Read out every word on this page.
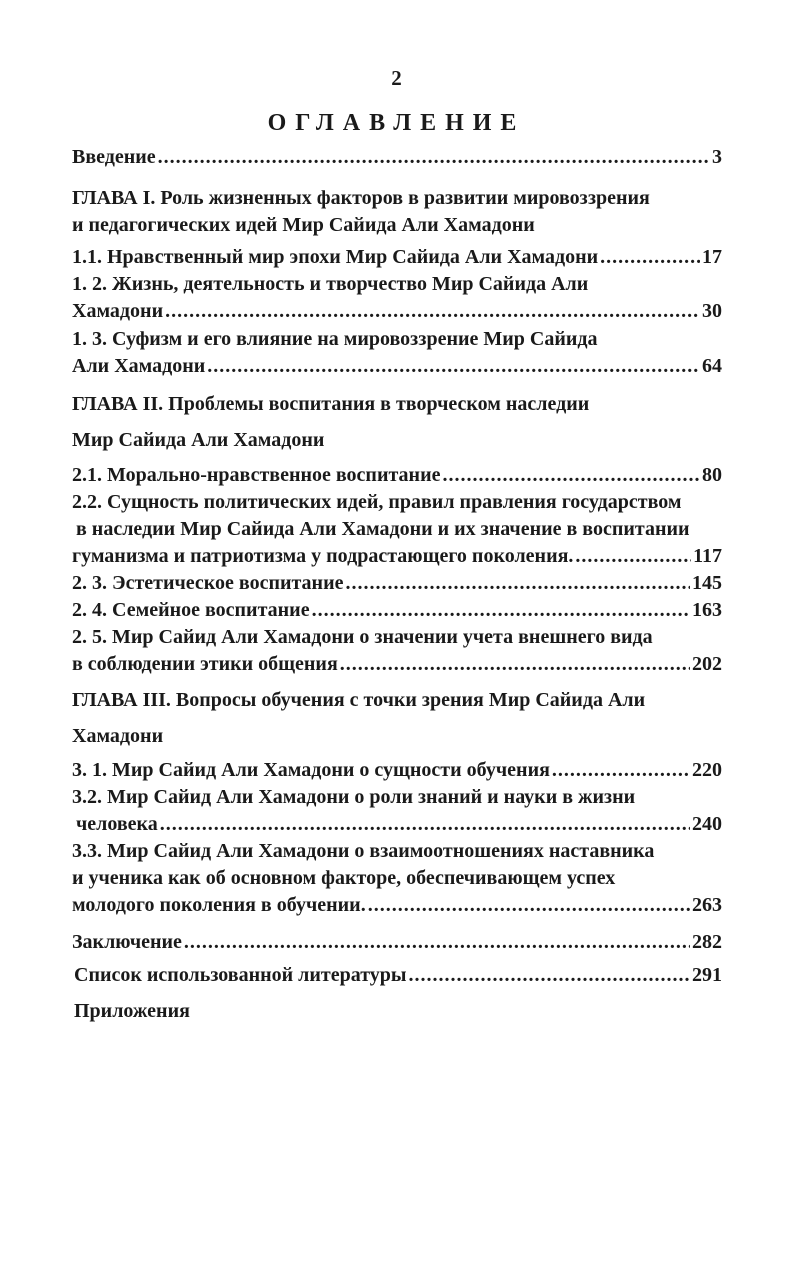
2
ОГЛАВЛЕНИЕ
Введение .....	3
ГЛАВА I. Роль жизненных факторов в развитии мировоззрения
и педагогических идей Мир Сайида Али Хамадони
1.1. Нравственный мир эпохи Мир Сайида Али Хамадони .....	17
1. 2. Жизнь, деятельность и творчество Мир Сайида Али
Хамадони .....	30
1. 3. Суфизм и его влияние на мировоззрение Мир Сайида
Али Хамадони .....	64
ГЛАВА II. Проблемы воспитания в творческом наследии
Мир Сайида Али Хамадони
2.1. Морально-нравственное воспитание .....	80
2.2. Сущность политических идей, правил правления государством
в наследии Мир Сайида Али Хамадони и их значение в воспитании
гуманизма и патриотизма у подрастающего поколения. .....	117
2. 3. Эстетическое воспитание .....	145
2. 4. Семейное воспитание .....	163
2. 5. Мир Сайид Али Хамадони о значении учета внешнего вида
в соблюдении этики общения .....	202
ГЛАВА III. Вопросы обучения с точки зрения Мир Сайида Али
Хамадони
3. 1. Мир Сайид Али Хамадони о сущности обучения .....	220
3.2. Мир Сайид Али Хамадони о роли знаний и науки в жизни
человека .....	240
3.3. Мир Сайид Али Хамадони о взаимоотношениях наставника
и ученика как об основном факторе, обеспечивающем успех
молодого поколения в обучении. .....	263
Заключение .....	282
Список использованной литературы .....	291
Приложения
